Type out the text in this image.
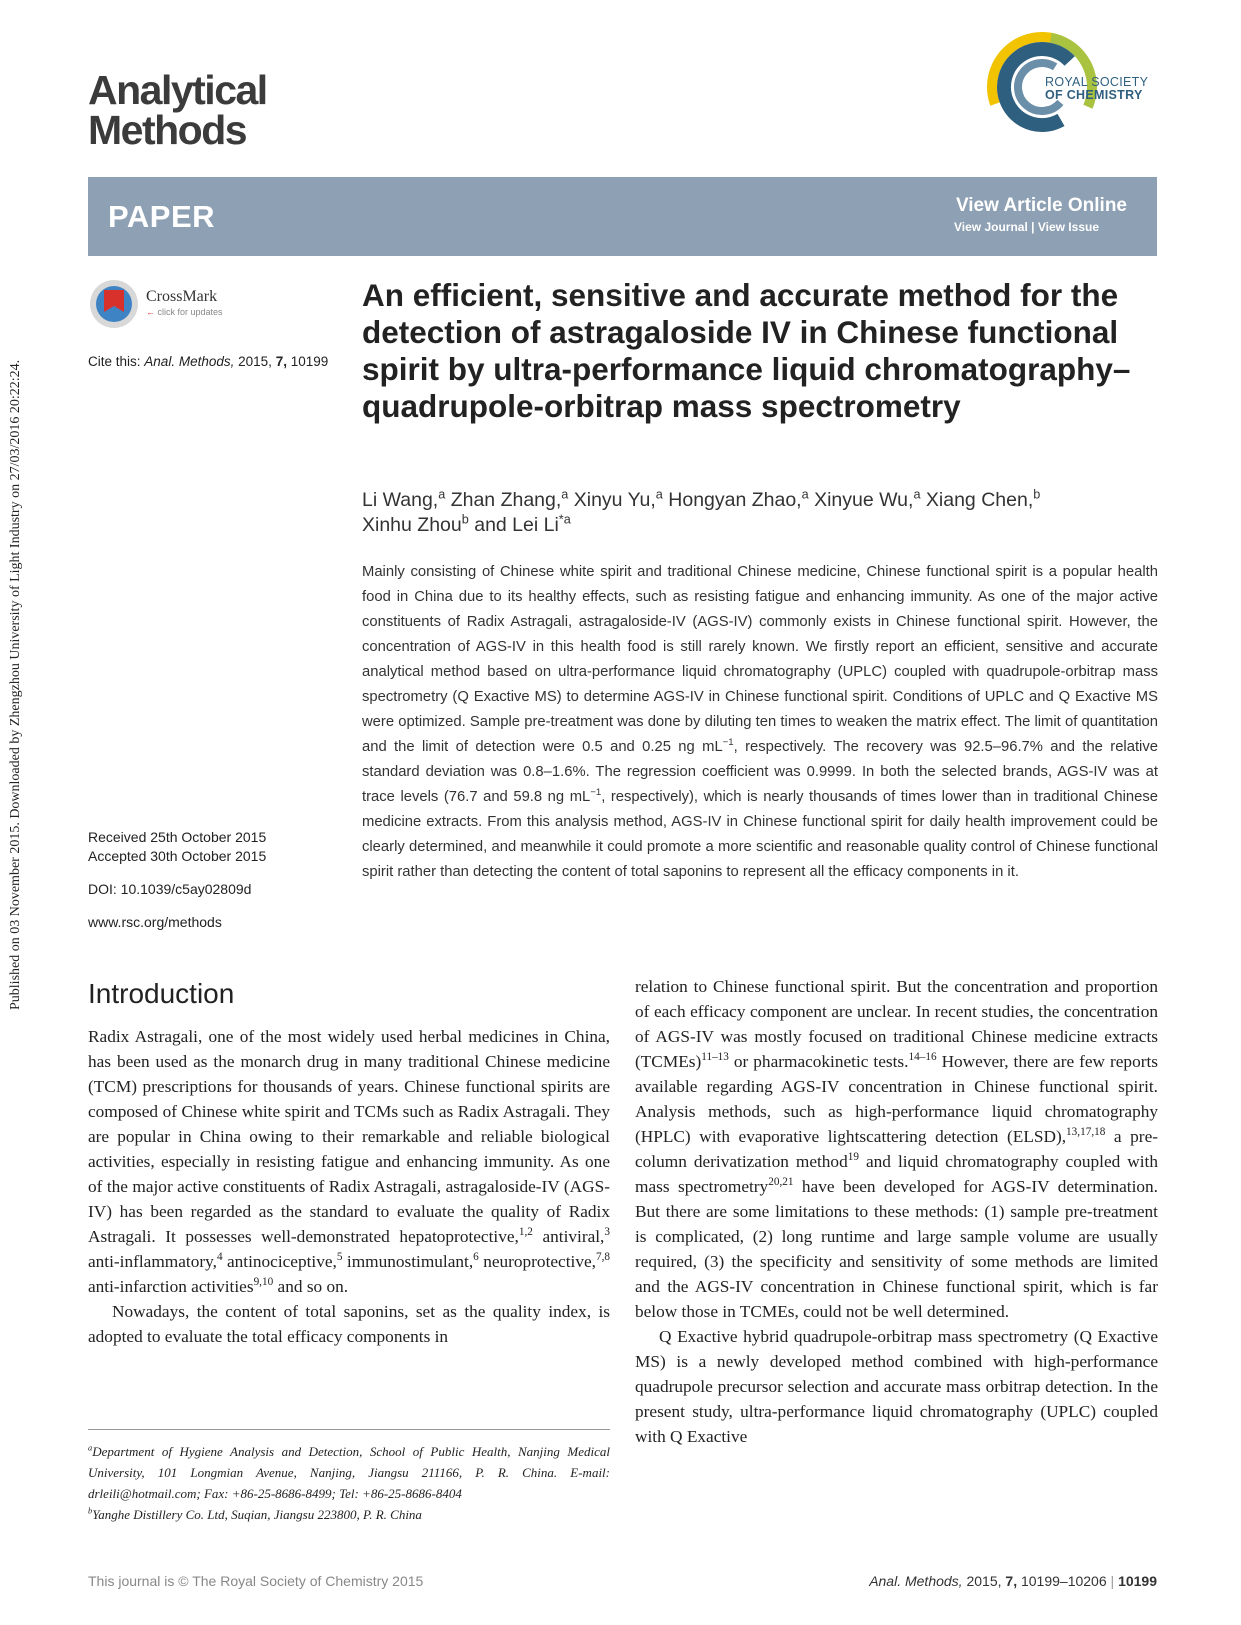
Published on 03 November 2015. Downloaded by Zhengzhou University of Light Industry on 27/03/2016 20:22:24.
Analytical
Methods
ROYAL SOCIETY
OF CHEMISTRY
PAPER	View Article Online
View Journal | View Issue
CrossMark
← click for updates
Cite this: Anal. Methods, 2015, 7, 10199
An efficient, sensitive and accurate method for the detection of astragaloside IV in Chinese functional spirit by ultra-performance liquid chromatography–quadrupole-orbitrap mass spectrometry
Li Wang,$^a$ Zhan Zhang,$^a$ Xinyu Yu,$^a$ Hongyan Zhao,$^a$ Xinyue Wu,$^a$ Xiang Chen,$^b$
Xinhu Zhou$^b$ and Lei Li$^{*a}$
Mainly consisting of Chinese white spirit and traditional Chinese medicine, Chinese functional spirit is a popular health food in China due to its healthy effects, such as resisting fatigue and enhancing immunity. As one of the major active constituents of Radix Astragali, astragaloside-IV (AGS-IV) commonly exists in Chinese functional spirit. However, the concentration of AGS-IV in this health food is still rarely known. We firstly report an efficient, sensitive and accurate analytical method based on ultra-performance liquid chromatography (UPLC) coupled with quadrupole-orbitrap mass spectrometry (Q Exactive MS) to determine AGS-IV in Chinese functional spirit. Conditions of UPLC and Q Exactive MS were optimized. Sample pre-treatment was done by diluting ten times to weaken the matrix effect. The limit of quantitation and the limit of detection were 0.5 and 0.25 ng $mL^{-1}$, respectively. The recovery was 92.5–96.7% and the relative standard deviation was 0.8–1.6%. The regression coefficient was 0.9999. In both the selected brands, AGS-IV was at trace levels (76.7 and 59.8 ng $mL^{-1}$, respectively), which is nearly thousands of times lower than in traditional Chinese medicine extracts. From this analysis method, AGS-IV in Chinese functional spirit for daily health improvement could be clearly determined, and meanwhile it could promote a more scientific and reasonable quality control of Chinese functional spirit rather than detecting the content of total saponins to represent all the efficacy components in it.
Received 25th October 2015
Accepted 30th October 2015
DOI: 10.1039/c5ay02809d
www.rsc.org/methods
Introduction

Radix Astragali, one of the most widely used herbal medicines in China, has been used as the monarch drug in many traditional Chinese medicine (TCM) prescriptions for thousands of years. Chinese functional spirits are composed of Chinese white spirit and TCMs such as Radix Astragali. They are popular in China owing to their remarkable and reliable biological activities, especially in resisting fatigue and enhancing immunity. As one of the major active constituents of Radix Astragali, astragaloside-IV (AGS-IV) has been regarded as the standard to evaluate the quality of Radix Astragali. It possesses well-demonstrated hepatoprotective,$^{1,2}$ antiviral,$^3$ anti-inflammatory,$^4$ antinociceptive,$^5$ immunostimulant,$^6$ neuroprotective,$^{7,8}$ anti-infarction activities$^{9,10}$ and so on.

Nowadays, the content of total saponins, set as the quality index, is adopted to evaluate the total efficacy components in

relation to Chinese functional spirit. But the concentration and proportion of each efficacy component are unclear. In recent studies, the concentration of AGS-IV was mostly focused on traditional Chinese medicine extracts (TCMEs)$^{11-13}$ or pharmacokinetic tests.$^{14-16}$ However, there are few reports available regarding AGS-IV concentration in Chinese functional spirit. Analysis methods, such as high-performance liquid chromatography (HPLC) with evaporative lightscattering detection (ELSD),$^{13,17,18}$ a pre-column derivatization method$^{19}$ and liquid chromatography coupled with mass spectrometry$^{20,21}$ have been developed for AGS-IV determination. But there are some limitations to these methods: (1) sample pre-treatment is complicated, (2) long runtime and large sample volume are usually required, (3) the specificity and sensitivity of some methods are limited and the AGS-IV concentration in Chinese functional spirit, which is far below those in TCMEs, could not be well determined.

Q Exactive hybrid quadrupole-orbitrap mass spectrometry (Q Exactive MS) is a newly developed method combined with high-performance quadrupole precursor selection and accurate mass orbitrap detection. In the present study, ultra-performance liquid chromatography (UPLC) coupled with Q Exactive

$^a$Department of Hygiene Analysis and Detection, School of Public Health, Nanjing Medical University, 101 Longmian Avenue, Nanjing, Jiangsu 211166, P. R. China. E-mail: drleili@hotmail.com; Fax: +86-25-8686-8499; Tel: +86-25-8686-8404
$^b$Yanghe Distillery Co. Ltd, Suqian, Jiangsu 223800, P. R. China
This journal is © The Royal Society of Chemistry 2015	Anal. Methods, 2015, 7, 10199–10206 | 10199
